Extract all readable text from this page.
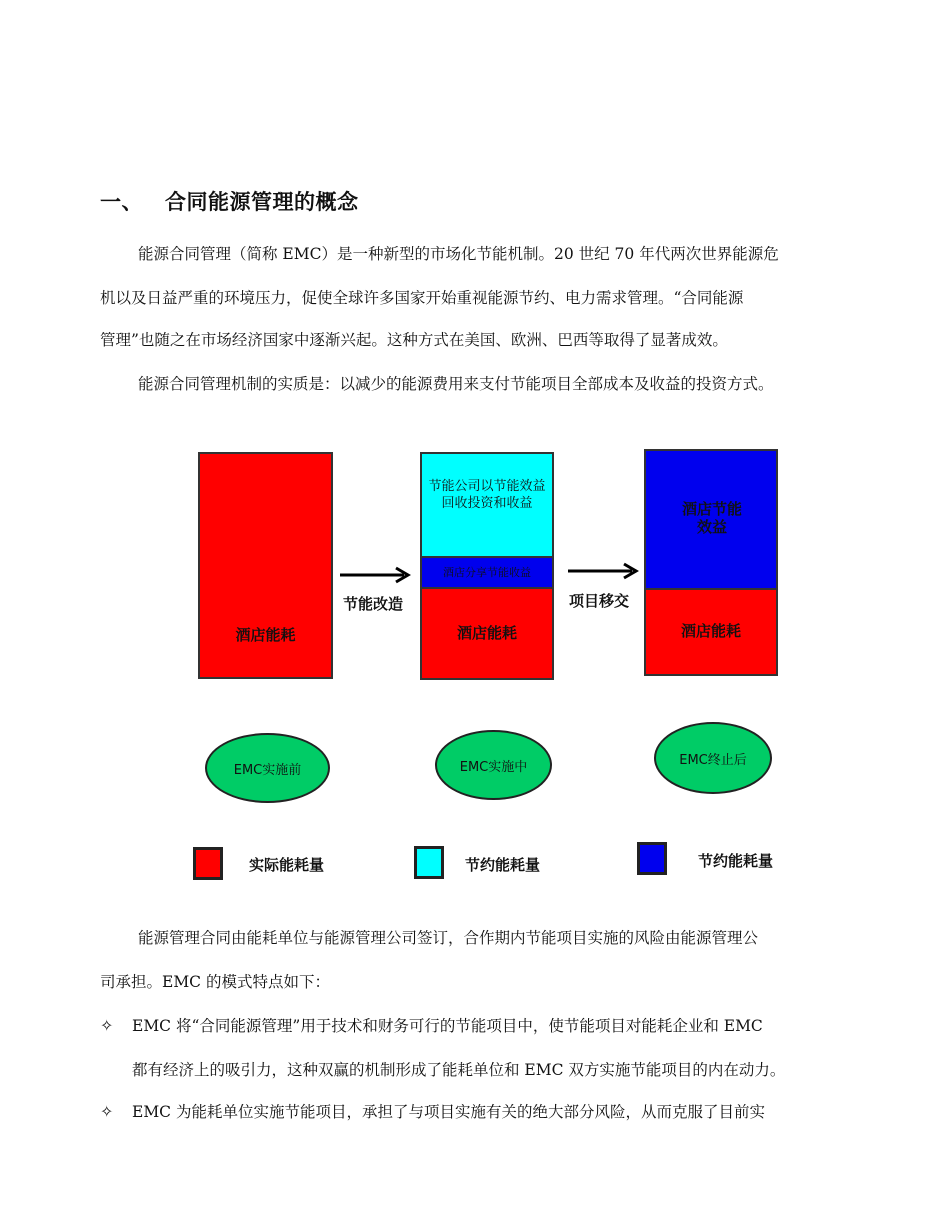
一、 合同能源管理的概念

能源合同管理（简称 EMC）是一种新型的市场化节能机制。20 世纪 70 年代两次世界能源危

机以及日益严重的环境压力，促使全球许多国家开始重视能源节约、电力需求管理。“合同能源

管理”也随之在市场经济国家中逐渐兴起。这种方式在美国、欧洲、巴西等取得了显著成效。

能源合同管理机制的实质是：以减少的能源费用来支付节能项目全部成本及收益的投资方式。

酒店能耗
节能改造
节能公司以节能效益回收投资和收益
酒店分享节能收益
酒店能耗
项目移交
酒店节能效益
酒店能耗
EMC实施前	EMC实施中	EMC终止后
实际能耗量	节约能耗量	节约能耗量

能源管理合同由能耗单位与能源管理公司签订，合作期内节能项目实施的风险由能源管理公

司承担。EMC 的模式特点如下：

✧ EMC 将“合同能源管理”用于技术和财务可行的节能项目中，使节能项目对能耗企业和 EMC

都有经济上的吸引力，这种双赢的机制形成了能耗单位和 EMC 双方实施节能项目的内在动力。

✧ EMC 为能耗单位实施节能项目，承担了与项目实施有关的绝大部分风险，从而克服了目前实
